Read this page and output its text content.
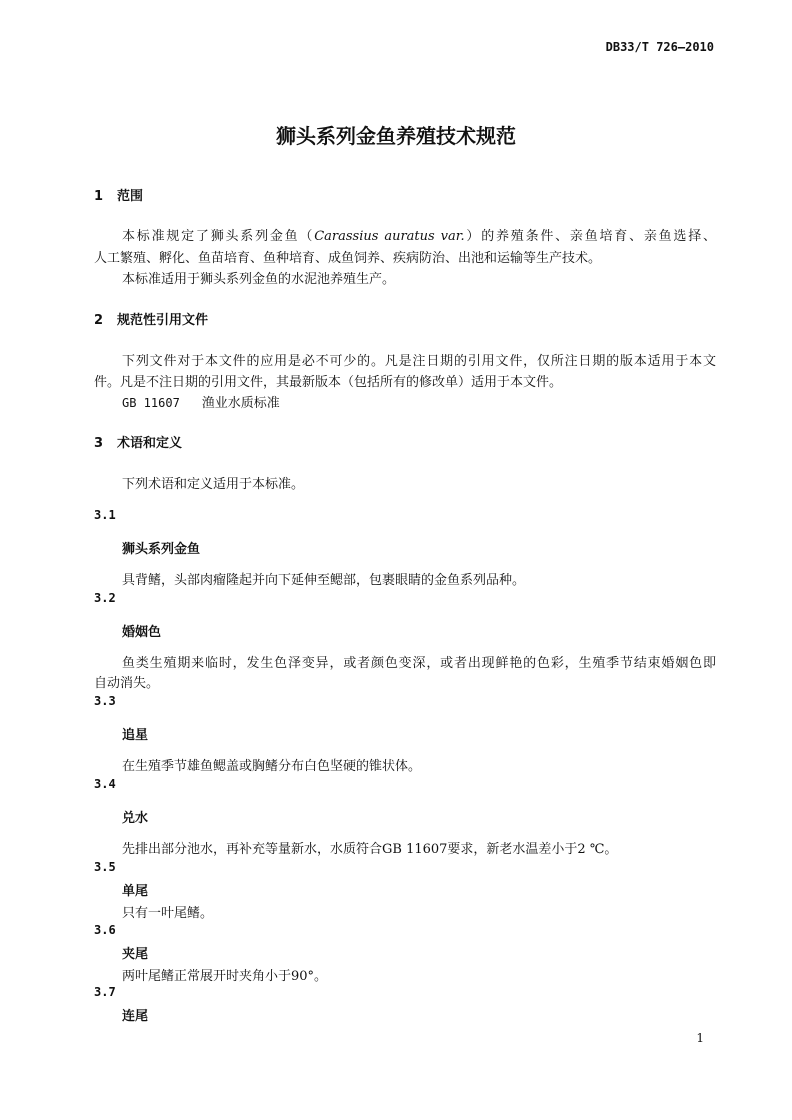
DB33/T 726—2010
狮头系列金鱼养殖技术规范
1 范围
本标准规定了狮头系列金鱼（Carassius auratus var.）的养殖条件、亲鱼培育、亲鱼选择、
人工繁殖、孵化、鱼苗培育、鱼种培育、成鱼饲养、疾病防治、出池和运输等生产技术。
本标准适用于狮头系列金鱼的水泥池养殖生产。
2 规范性引用文件
下列文件对于本文件的应用是必不可少的。凡是注日期的引用文件，仅所注日期的版本适用于本文
件。凡是不注日期的引用文件，其最新版本（包括所有的修改单）适用于本文件。
GB 11607 渔业水质标准
3 术语和定义
下列术语和定义适用于本标准。
3.1
狮头系列金鱼
具背鳍，头部肉瘤隆起并向下延伸至鳃部，包裹眼睛的金鱼系列品种。
3.2
婚姻色
鱼类生殖期来临时，发生色泽变异，或者颜色变深，或者出现鲜艳的色彩，生殖季节结束婚姻色即
自动消失。
3.3
追星
在生殖季节雄鱼鳃盖或胸鳍分布白色坚硬的锥状体。
3.4
兑水
先排出部分池水，再补充等量新水，水质符合GB 11607要求，新老水温差小于2 ℃。
3.5
单尾
只有一叶尾鳍。
3.6
夹尾
两叶尾鳍正常展开时夹角小于90°。
3.7
连尾
1
